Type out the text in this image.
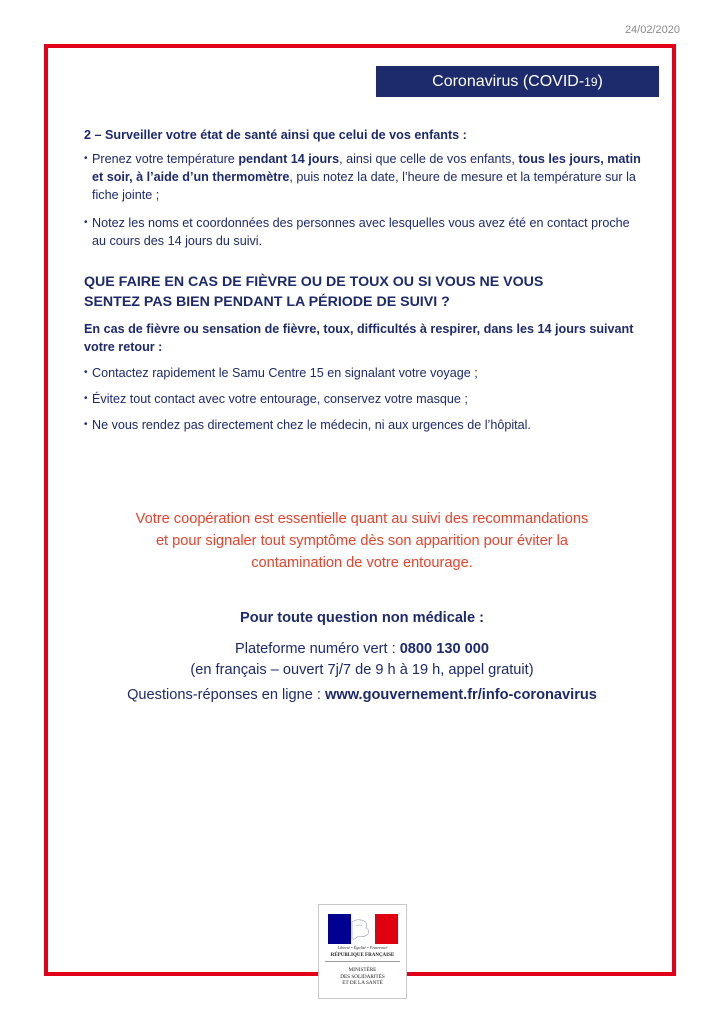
24/02/2020
Coronavirus (COVID- 19 )

2 – Surveiller votre état de santé ainsi que celui de vos enfants :

• Prenez votre température pendant 14 jours, ainsi que celle de vos enfants, tous les jours, matin et soir, à l’aide d’un thermomètre, puis notez la date, l’heure de mesure et la température sur la fiche jointe ;

• Notez les noms et coordonnées des personnes avec lesquelles vous avez été en contact proche au cours des 14 jours du suivi.

QUE FAIRE EN CAS DE FIÈVRE OU DE TOUX OU SI VOUS NE VOUS
SENTEZ PAS BIEN PENDANT LA PÉRIODE DE SUIVI ?

En cas de fièvre ou sensation de fièvre, toux, difficultés à respirer, dans les 14 jours suivant votre retour :

• Contactez rapidement le Samu Centre 15 en signalant votre voyage ;

• Évitez tout contact avec votre entourage, conservez votre masque ;

• Ne vous rendez pas directement chez le médecin, ni aux urgences de l’hôpital.

Votre coopération est essentielle quant au suivi des recommandations
et pour signaler tout symptôme dès son apparition pour éviter la
contamination de votre entourage.
Pour toute question non médicale :
Plateforme numéro vert : 0800 130 000
(en français – ouvert 7j/7 de 9 h à 19 h, appel gratuit)
Questions-réponses en ligne : www.gouvernement.fr/info-coronavirus
Liberté • Égalité • Fraternité
RÉPUBLIQUE FRANÇAISE
MINISTÈRE
DES SOLIDARITÉS
ET DE LA SANTÉ
